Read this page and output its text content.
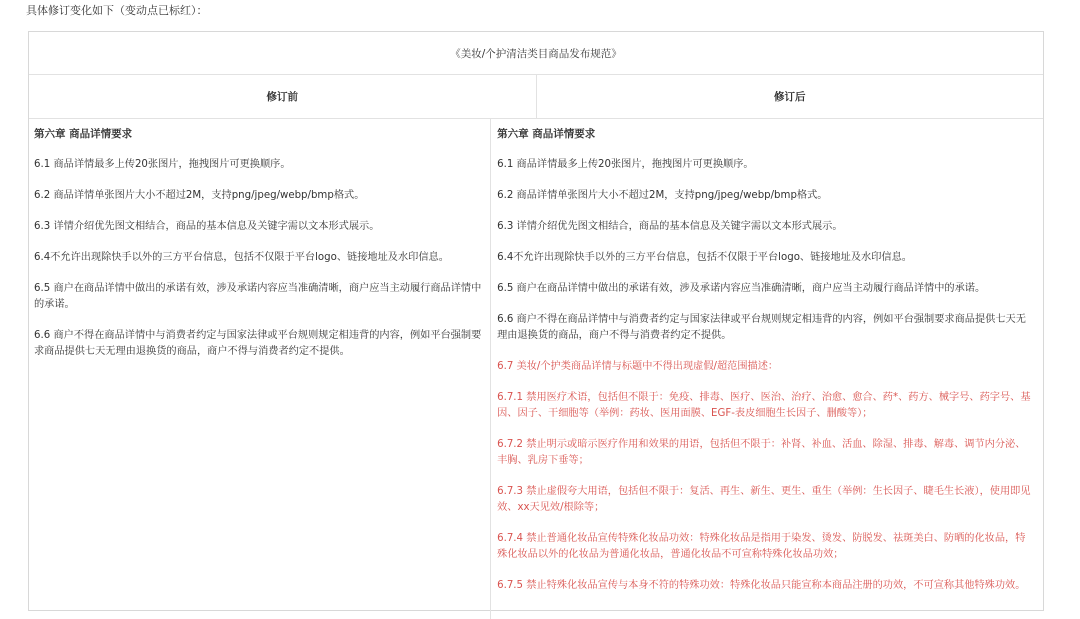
具体修订变化如下（变动点已标红）：
《美妆/个护清洁类目商品发布规范》
修订前	修订后
第六章 商品详情要求

6.1 商品详情最多上传20张图片，拖拽图片可更换顺序。

6.2 商品详情单张图片大小不超过2M，支持png/jpeg/webp/bmp格式。

6.3 详情介绍优先图文相结合，商品的基本信息及关键字需以文本形式展示。

6.4不允许出现除快手以外的三方平台信息，包括不仅限于平台logo、链接地址及水印信息。

6.5 商户在商品详情中做出的承诺有效，涉及承诺内容应当准确清晰，商户应当主动履行商品详情中的承诺。

6.6 商户不得在商品详情中与消费者约定与国家法律或平台规则规定相违背的内容，例如平台强制要求商品提供七天无理由退换货的商品，商户不得与消费者约定不提供。

第六章 商品详情要求

6.1 商品详情最多上传20张图片，拖拽图片可更换顺序。

6.2 商品详情单张图片大小不超过2M，支持png/jpeg/webp/bmp格式。

6.3 详情介绍优先图文相结合，商品的基本信息及关键字需以文本形式展示。

6.4不允许出现除快手以外的三方平台信息，包括不仅限于平台logo、链接地址及水印信息。

6.5 商户在商品详情中做出的承诺有效，涉及承诺内容应当准确清晰，商户应当主动履行商品详情中的承诺。

6.6 商户不得在商品详情中与消费者约定与国家法律或平台规则规定相违背的内容，例如平台强制要求商品提供七天无理由退换货的商品，商户不得与消费者约定不提供。

6.7 美妆/个护类商品详情与标题中不得出现虚假/超范围描述：

6.7.1 禁用医疗术语，包括但不限于：免疫、排毒、医疗、医治、治疗、治愈、愈合、药*、药方、械字号、药字号、基因、因子、干细胞等（举例：药妆、医用面膜、EGF-表皮细胞生长因子、删酸等）；

6.7.2 禁止明示或暗示医疗作用和效果的用语，包括但不限于：补肾、补血、活血、除湿、排毒、解毒、调节内分泌、丰胸、乳房下垂等；

6.7.3 禁止虚假夸大用语，包括但不限于：复活、再生、新生、更生、重生（举例：生长因子、睫毛生长液），使用即见效、xx天见效/根除等；

6.7.4 禁止普通化妆品宣传特殊化妆品功效：特殊化妆品是指用于染发、烫发、防脱发、祛斑美白、防晒的化妆品，特殊化妆品以外的化妆品为普通化妆品，普通化妆品不可宣称特殊化妆品功效；

6.7.5 禁止特殊化妆品宣传与本身不符的特殊功效：特殊化妆品只能宣称本商品注册的功效，不可宣称其他特殊功效。
